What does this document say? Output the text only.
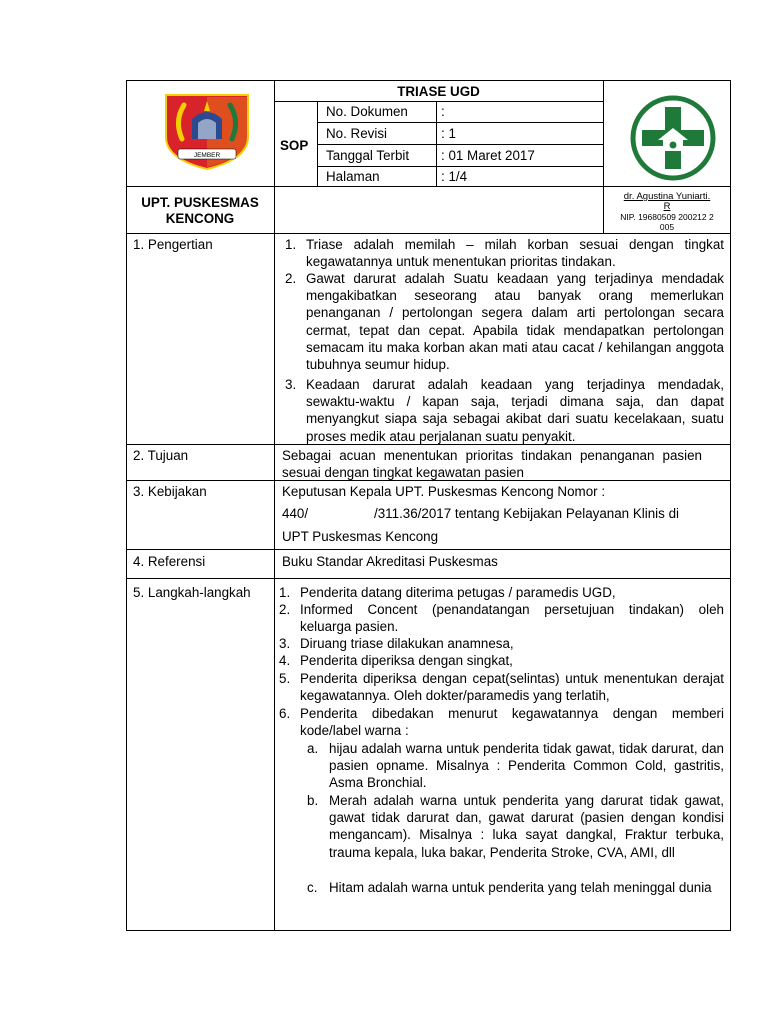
JEMBER
TRIASE UGD
SOP
No. Dokumen :
No. Revisi	: 1
Tanggal Terbit : 01 Maret 2017
Halaman	: 1/4
UPT. PUSKESMAS
KENCONG
dr. Agustina Yuniarti.
R
NIP. 19680509 200212 2
005
1. Pengertian	1. Triase adalah memilah – milah korban sesuai dengan tingkat kegawatannya untuk menentukan prioritas tindakan.
2. Gawat darurat adalah Suatu keadaan yang terjadinya mendadak mengakibatkan seseorang atau banyak orang memerlukan penanganan / pertolongan segera dalam arti pertolongan secara cermat, tepat dan cepat. Apabila tidak mendapatkan pertolongan semacam itu maka korban akan mati atau cacat / kehilangan anggota tubuhnya seumur hidup.
3. Keadaan darurat adalah keadaan yang terjadinya mendadak, sewaktu-waktu / kapan saja, terjadi dimana saja, dan dapat menyangkut siapa saja sebagai akibat dari suatu kecelakaan, suatu proses medik atau perjalanan suatu penyakit.
2. Tujuan	Sebagai acuan menentukan prioritas tindakan penanganan pasien sesuai dengan tingkat kegawatan pasien
3. Kebijakan	Keputusan Kepala UPT. Puskesmas Kencong Nomor :
440/	/311.36/2017 tentang Kebijakan Pelayanan Klinis di
UPT Puskesmas Kencong
4. Referensi	Buku Standar Akreditasi Puskesmas
5. Langkah-langkah 1. Penderita datang diterima petugas / paramedis UGD,
2. Informed Concent (penandatangan persetujuan tindakan) oleh keluarga pasien.
3. Diruang triase dilakukan anamnesa,
4. Penderita diperiksa dengan singkat,
5. Penderita diperiksa dengan cepat(selintas) untuk menentukan derajat kegawatannya. Oleh dokter/paramedis yang terlatih,
6. Penderita dibedakan menurut kegawatannya dengan memberi kode/label warna :
a. hijau adalah warna untuk penderita tidak gawat, tidak darurat, dan pasien opname. Misalnya : Penderita Common Cold, gastritis, Asma Bronchial.
b. Merah adalah warna untuk penderita yang darurat tidak gawat, gawat tidak darurat dan, gawat darurat (pasien dengan kondisi mengancam). Misalnya : luka sayat dangkal, Fraktur terbuka, trauma kepala, luka bakar, Penderita Stroke, CVA, AMI, dll
c. Hitam adalah warna untuk penderita yang telah meninggal dunia
